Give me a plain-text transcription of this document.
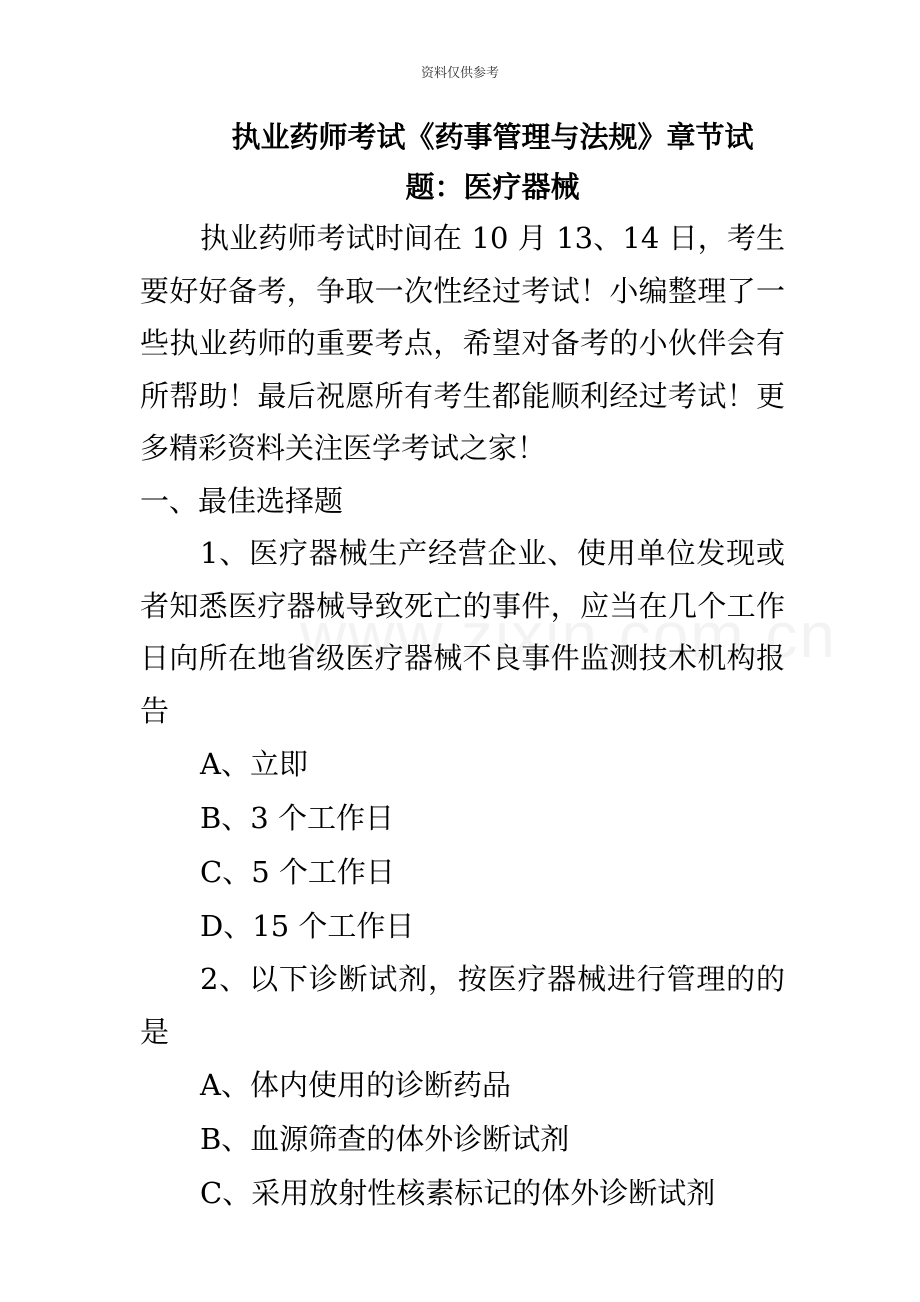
资料仅供参考
执业药师考试《药事管理与法规》章节试
题：医疗器械

执业药师考试时间在 10 月 13、14 日，考生要好好备考，争取一次性经过考试！小编整理了一些执业药师的重要考点，希望对备考的小伙伴会有所帮助！最后祝愿所有考生都能顺利经过考试！更多精彩资料关注医学考试之家！

一、最佳选择题

1、医疗器械生产经营企业、使用单位发现或者知悉医疗器械导致死亡的事件，应当在几个工作日向所在地省级医疗器械不良事件监测技术机构报告

A、立即

B、3 个工作日

C、5 个工作日

D、15 个工作日

2、以下诊断试剂，按医疗器械进行管理的的是

A、体内使用的诊断药品

B、血源筛查的体外诊断试剂

C、采用放射性核素标记的体外诊断试剂
